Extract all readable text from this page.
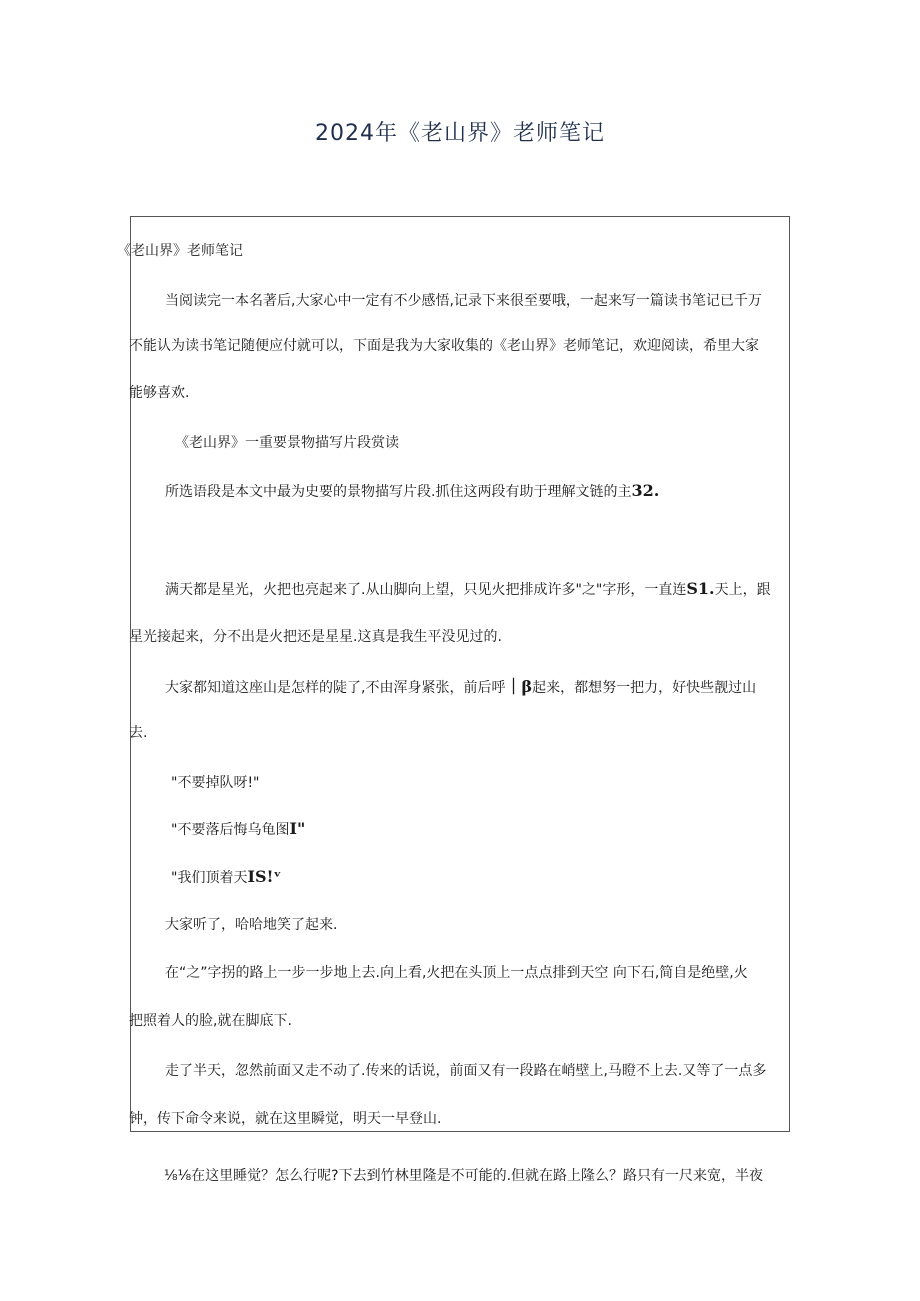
2024年《老山界》老师笔记

《老山界》老师笔记

当阅读完一本名著后,大家心中一定有不少感悟,记录下来很至要哦，一起来写一篇读书笔记已千万

不能认为读书笔记随便应付就可以，下面是我为大家收集的《老山界》老师笔记，欢迎阅读，希里大家

能够喜欢.

《老山界》一重要景物描写片段赏读

所选语段是本文中最为史要的景物描写片段.抓住这两段有助于理解文链的主32.

满天都是星光，火把也亮起来了.从山脚向上望，只见火把排成许多"之"字形，一直连S1.天上，跟

星光接起来，分不出是火把还是星星.这真是我生平没见过的.

大家都知道这座山是怎样的陡了,不由浑身紧张，前后呼｜β起来，都想努一把力，好快些靓过山

去.

"不要掉队呀!"

"不要落后悔乌龟图I"

"我们顶着天IS!ᵛ

大家听了，哈哈地笑了起来.

在“之”字拐的路上一步一步地上去.向上看,火把在头顶上一点点排到天空 向下石,简自是绝壁,火

把照着人的脸,就在脚底下.

走了半天，忽然前面又走不动了.传来的话说，前面又有一段路在峭壁上,马瞪不上去.又等了一点多

钟，传下命令来说，就在这里瞬觉，明天一早登山.

⅛⅛在这里睡觉？怎么行呢?下去到竹林里隆是不可能的.但就在路上隆么？路只有一尺来宽，半夜
